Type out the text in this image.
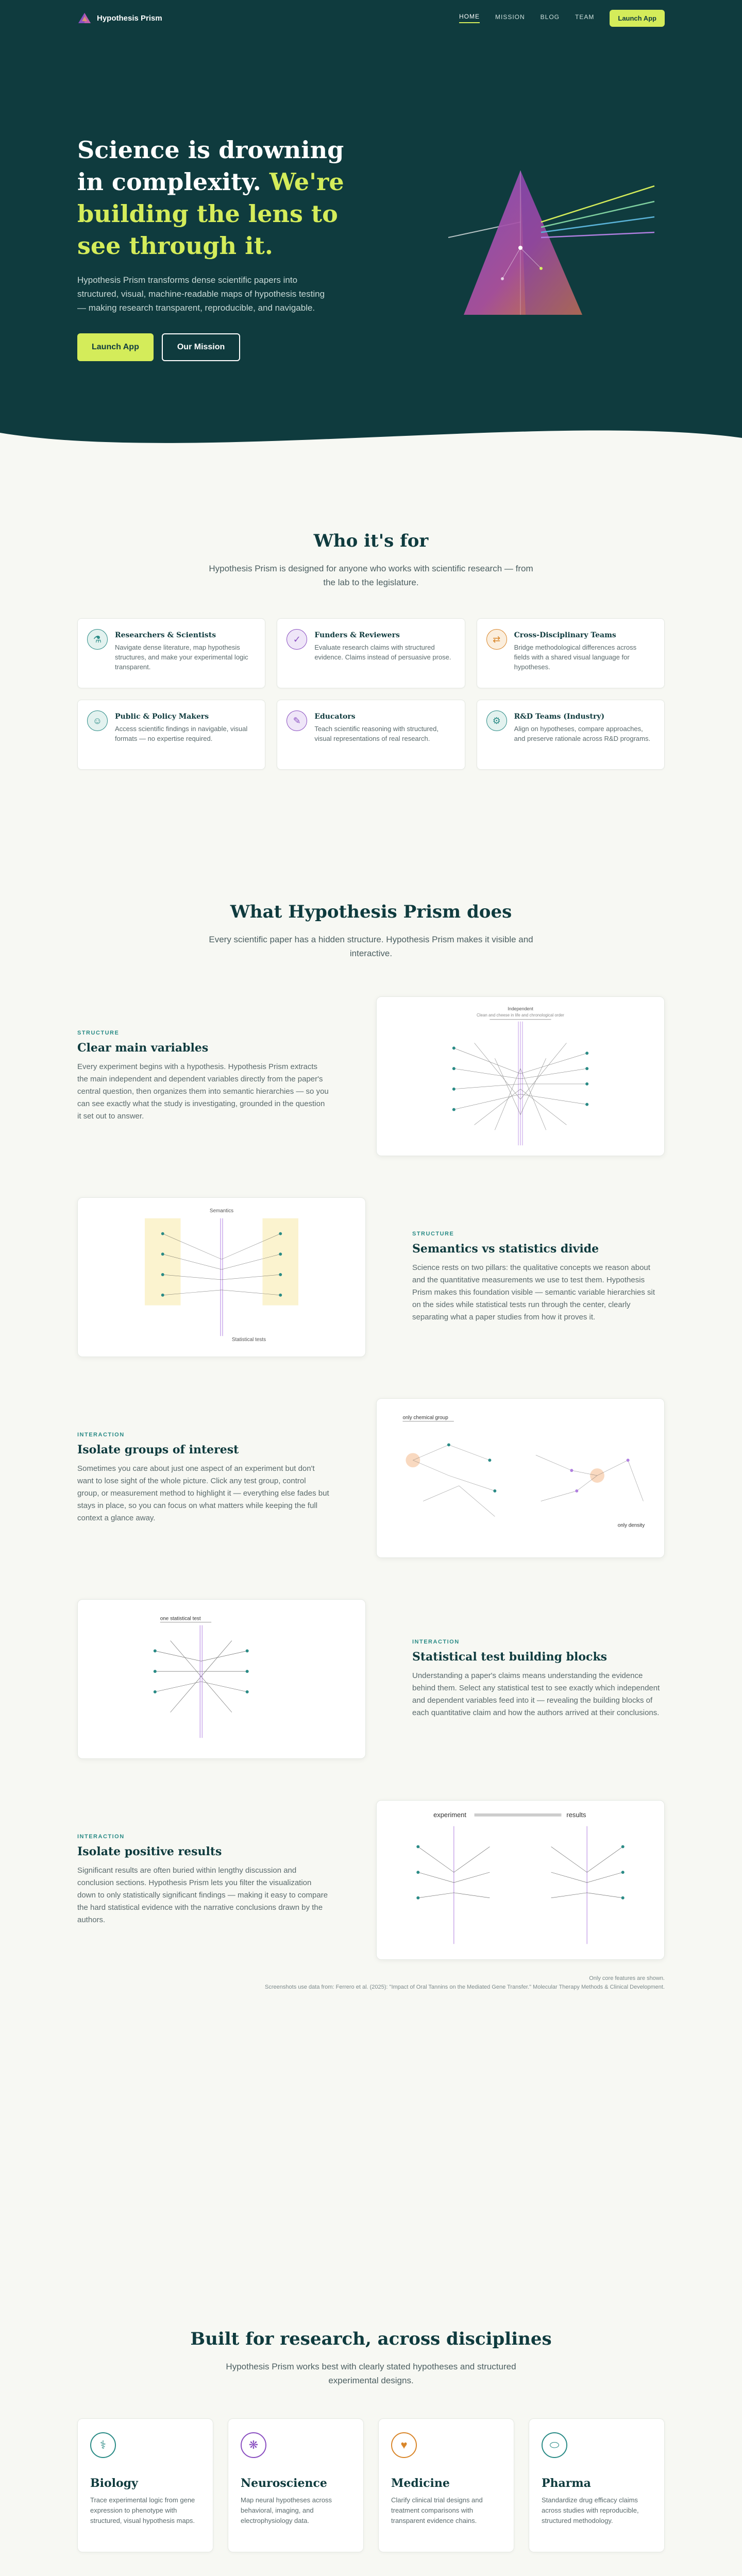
Hypothesis Prism	HOME	MISSION	BLOG	TEAM	Launch App
Science is drowning in complexity. We're building the lens to see through it.

Hypothesis Prism transforms dense scientific papers into structured, visual, machine-readable maps of hypothesis testing — making research transparent, reproducible, and navigable.

Launch App	Our Mission
Who it's for

Hypothesis Prism is designed for anyone who works with scientific research — from the lab to the legislature.

⚗	Researchers & Scientists

Navigate dense literature, map hypothesis structures, and make your experimental logic transparent.

✓	Funders & Reviewers

Evaluate research claims with structured evidence. Claims instead of persuasive prose.

⇄	Cross-Disciplinary Teams

Bridge methodological differences across fields with a shared visual language for hypotheses.

☺	Public & Policy Makers

Access scientific findings in navigable, visual formats — no expertise required.

✎	Educators

Teach scientific reasoning with structured, visual representations of real research.

⚙	R&D Teams (Industry)

Align on hypotheses, compare approaches, and preserve rationale across R&D programs.

What Hypothesis Prism does

Every scientific paper has a hidden structure. Hypothesis Prism makes it visible and interactive.

STRUCTURE
Clear main variables

Every experiment begins with a hypothesis. Hypothesis Prism extracts the main independent and dependent variables directly from the paper's central question, then organizes them into semantic hierarchies — so you can see exactly what the study is investigating, grounded in the question it set out to answer.

Independent
Clean and cheese in life and chronological order
STRUCTURE
Semantics vs statistics divide

Science rests on two pillars: the qualitative concepts we reason about and the quantitative measurements we use to test them. Hypothesis Prism makes this foundation visible — semantic variable hierarchies sit on the sides while statistical tests run through the center, clearly separating what a paper studies from how it proves it.

Semantics
Statistical tests
INTERACTION
Isolate groups of interest

Sometimes you care about just one aspect of an experiment but don't want to lose sight of the whole picture. Click any test group, control group, or measurement method to highlight it — everything else fades but stays in place, so you can focus on what matters while keeping the full context a glance away.

only chemical group
only density
INTERACTION
Statistical test building blocks

Understanding a paper's claims means understanding the evidence behind them. Select any statistical test to see exactly which independent and dependent variables feed into it — revealing the building blocks of each quantitative claim and how the authors arrived at their conclusions.

one statistical test
INTERACTION
Isolate positive results

Significant results are often buried within lengthy discussion and conclusion sections. Hypothesis Prism lets you filter the visualization down to only statistically significant findings — making it easy to compare the hard statistical evidence with the narrative conclusions drawn by the authors.

experiment	results
Only core features are shown.
Screenshots use data from: Ferrero et al. (2025): "Impact of Oral Tannins on the Mediated Gene Transfer." Molecular Therapy Methods & Clinical Development.
Built for research, across disciplines

Hypothesis Prism works best with clearly stated hypotheses and structured experimental designs.

⚕
Biology

Trace experimental logic from gene expression to phenotype with structured, visual hypothesis maps.

❋
Neuroscience

Map neural hypotheses across behavioral, imaging, and electrophysiology data.

♥
Medicine

Clarify clinical trial designs and treatment comparisons with transparent evidence chains.

⬭
Pharma

Standardize drug efficacy claims across studies with reproducible, structured methodology.
